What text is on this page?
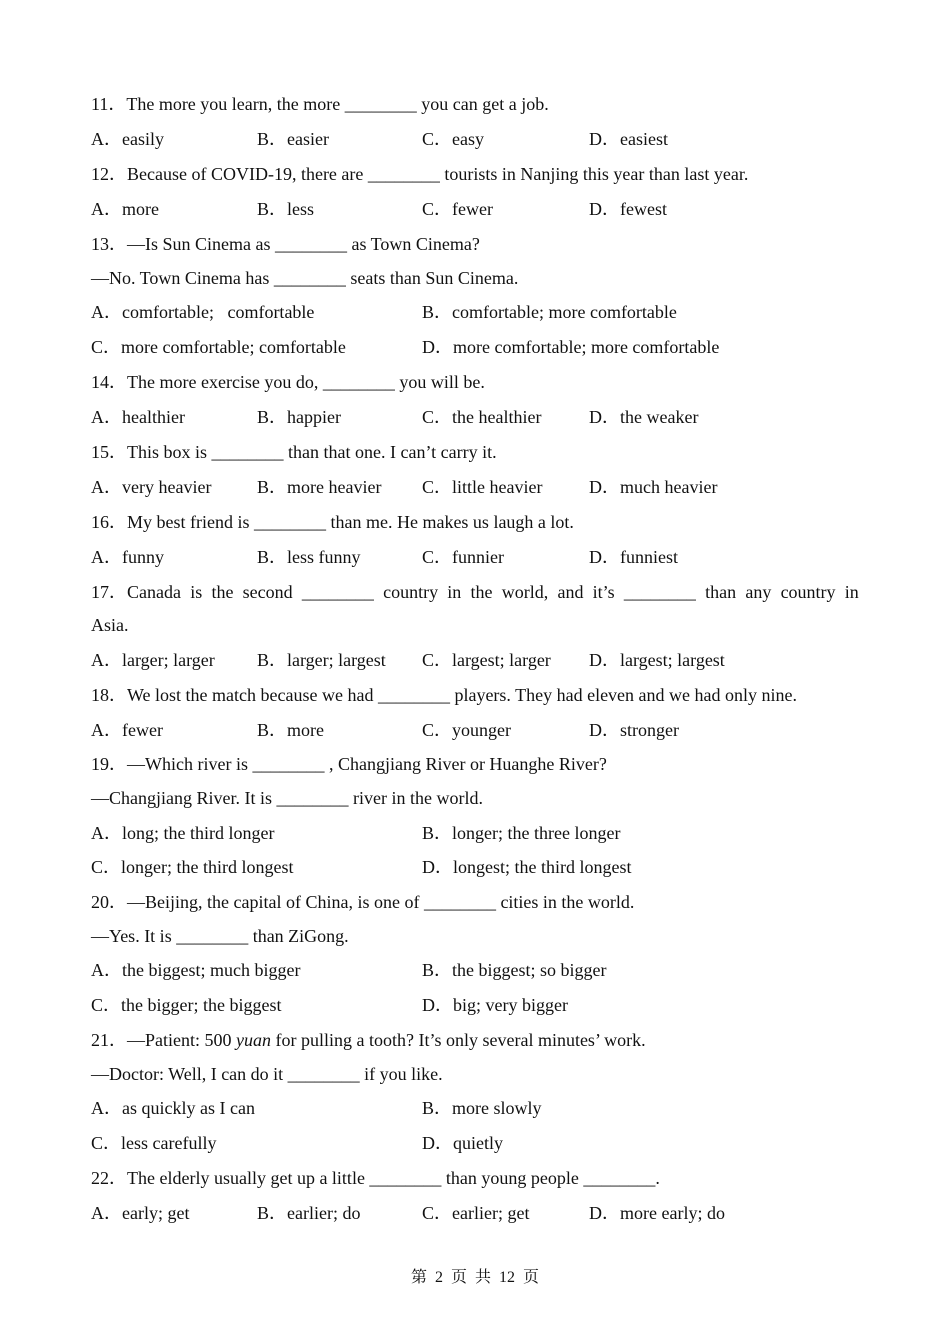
11．The more you learn, the more ________ you can get a job.
A．easily	B．easier	C．easy	D．easiest
12．Because of COVID-19, there are ________ tourists in Nanjing this year than last year.
A．more	B．less	C．fewer	D．fewest
13．—Is Sun Cinema as ________ as Town Cinema?
—No. Town Cinema has ________ seats than Sun Cinema.
A．comfortable;   comfortable	B．comfortable; more comfortable
C．more comfortable; comfortable	D．more comfortable; more comfortable
14．The more exercise you do, ________ you will be.
A．healthier	B．happier	C．the healthier	D．the weaker
15．This box is ________ than that one. I can’t carry it.
A．very heavier	B．more heavier C．little heavier	D．much heavier
16．My best friend is ________ than me. He makes us laugh a lot.
A．funny	B．less funny	C．funnier	D．funniest
17．Canada is the second ________ country in the world, and it’s ________ than any country in
Asia.
A．larger; larger B．larger; largest C．largest; larger D．largest; largest
18．We lost the match because we had ________ players. They had eleven and we had only nine.
A．fewer	B．more	C．younger	D．stronger
19．—Which river is ________ , Changjiang River or Huanghe River?
—Changjiang River. It is ________ river in the world.
A．long; the third longer	B．longer; the three longer
C．longer; the third longest	D．longest; the third longest
20．—Beijing, the capital of China, is one of ________ cities in the world.
—Yes. It is ________ than ZiGong.
A．the biggest; much bigger	B．the biggest; so bigger
C．the bigger; the biggest	D．big; very bigger
21．—Patient: 500 yuan for pulling a tooth? It’s only several minutes’ work.
—Doctor: Well, I can do it ________ if you like.
A．as quickly as I can	B．more slowly
C．less carefully	D．quietly
22．The elderly usually get up a little ________ than young people ________.
A．early; get	B．earlier; do	C．earlier; get	D．more early; do
第 2 页 共 12 页
